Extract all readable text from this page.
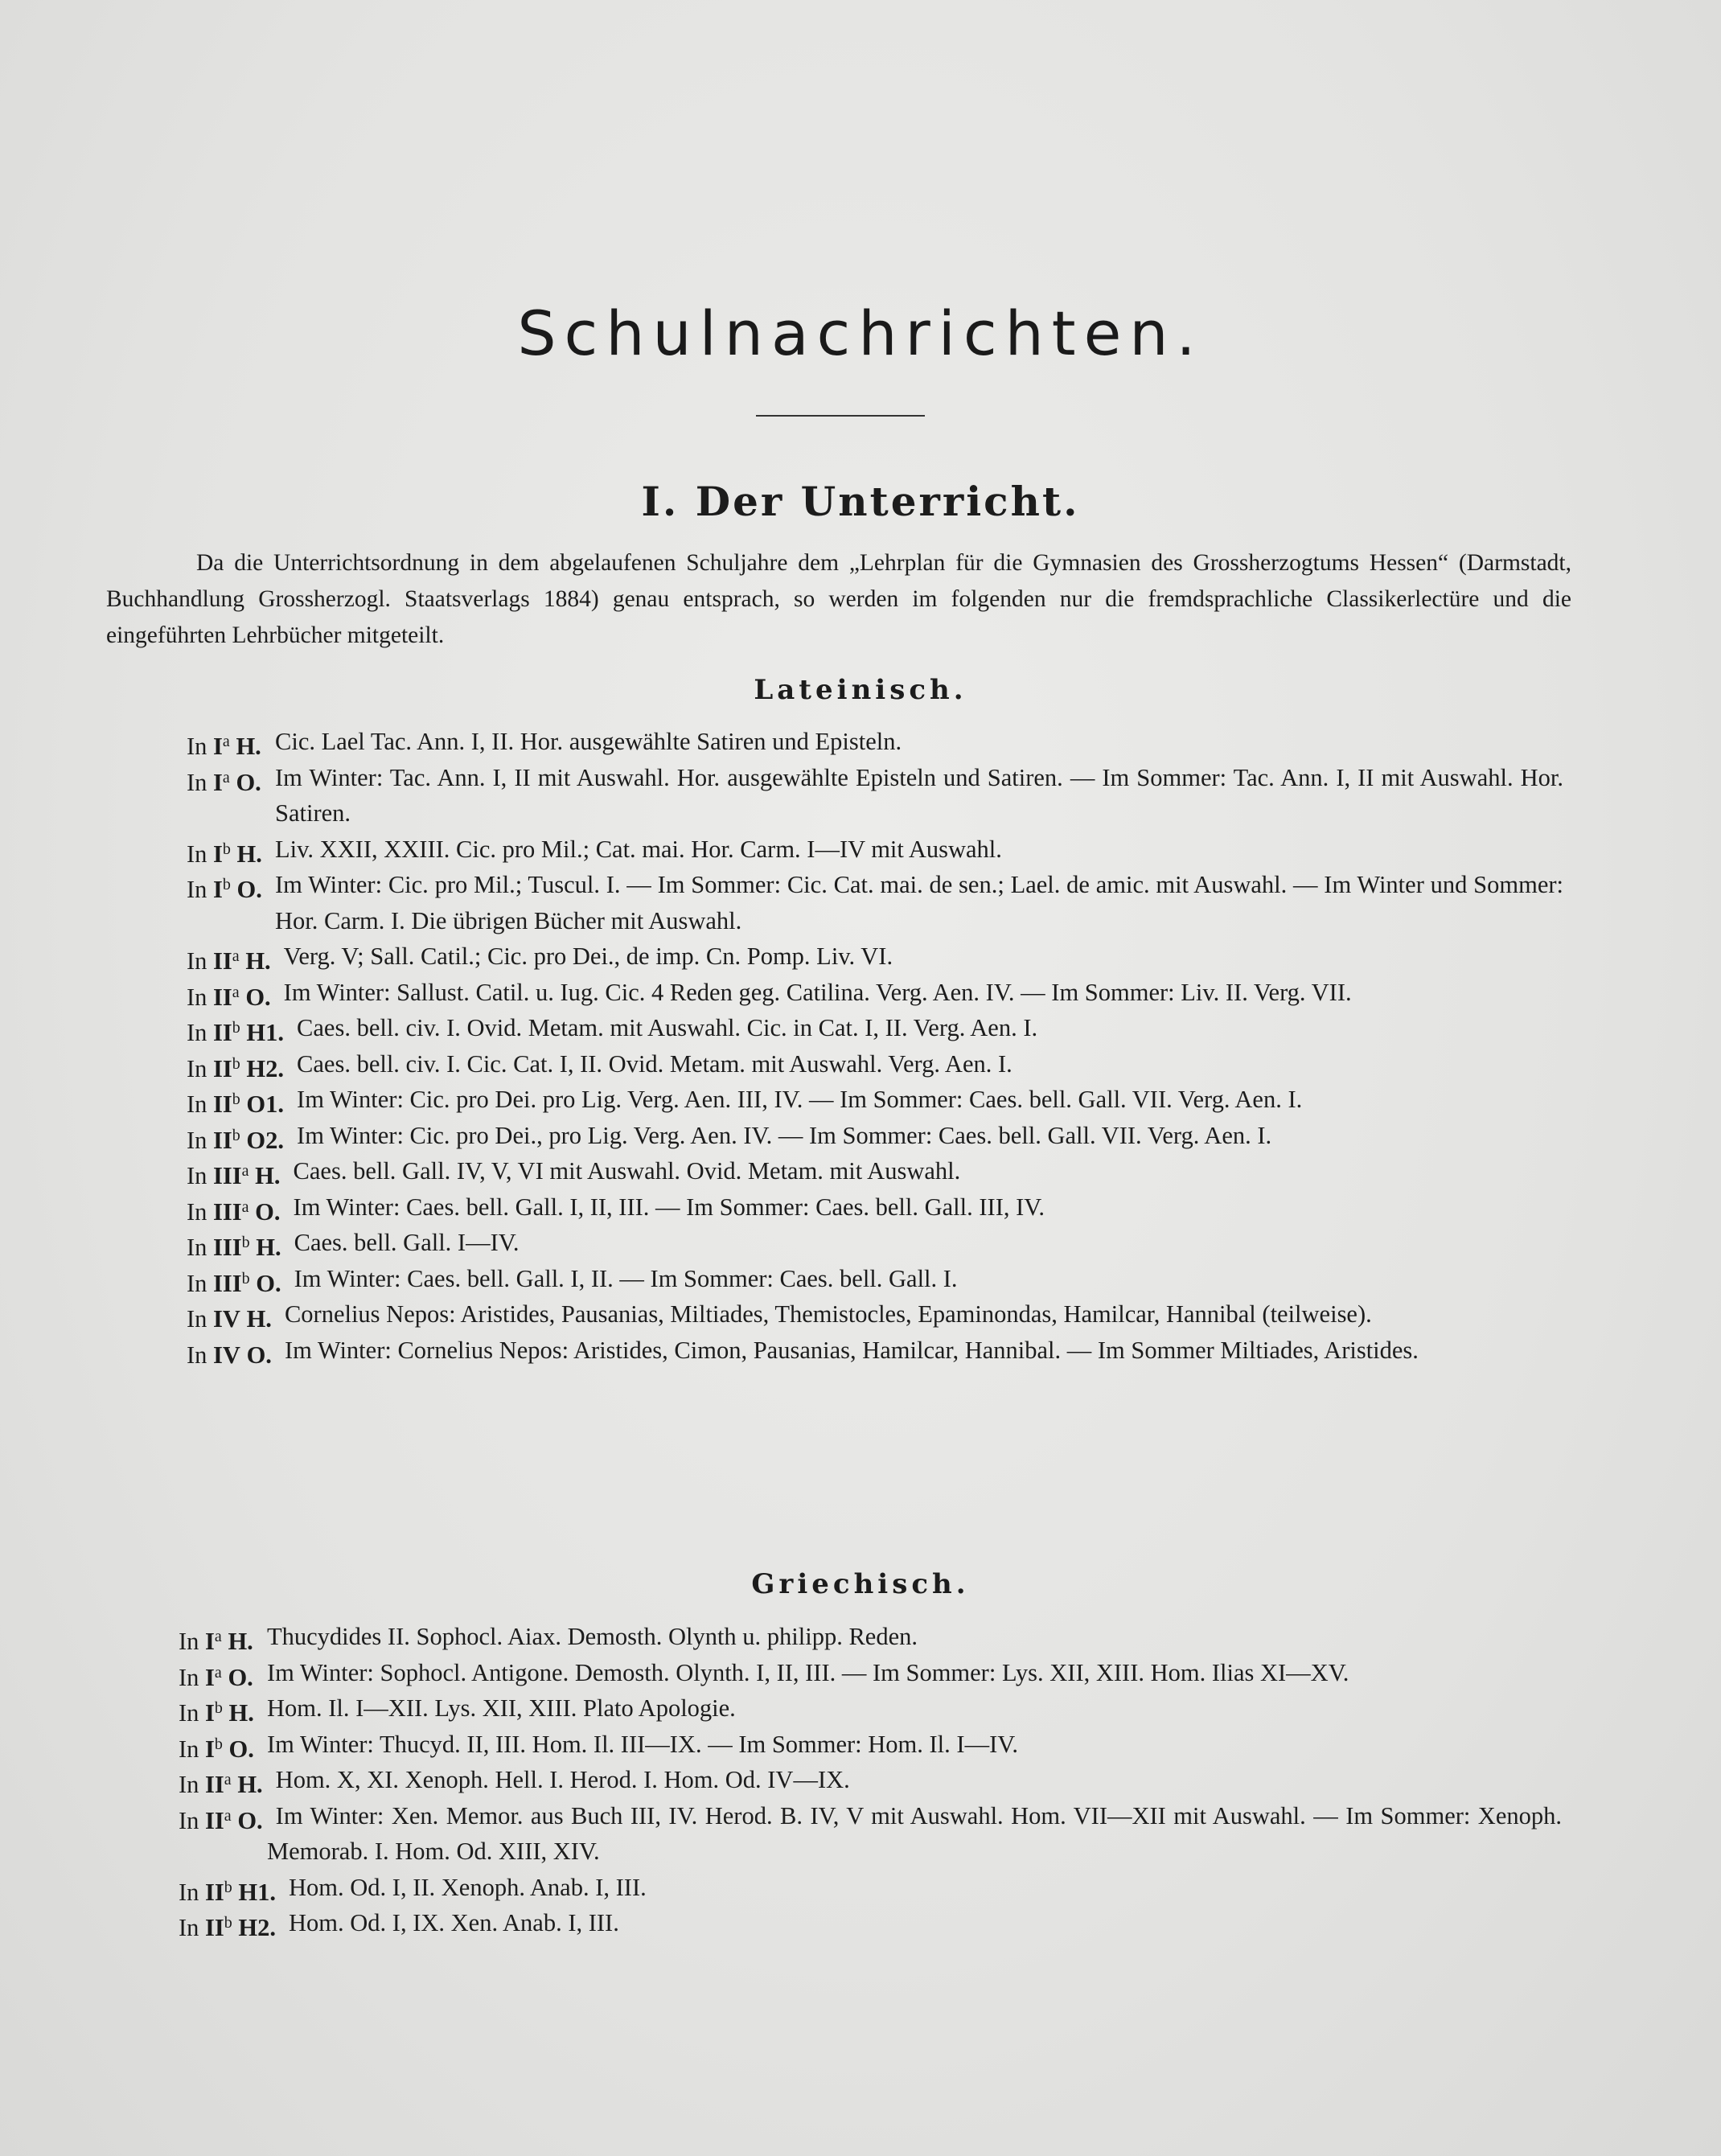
Schulnachrichten.
I. Der Unterricht.

Da die Unterrichtsordnung in dem abgelaufenen Schuljahre dem „Lehrplan für die Gymnasien des Grossherzogtums Hessen“ (Darmstadt, Buchhandlung Grossherzogl. Staatsverlags 1884) genau entsprach, so werden im folgenden nur die fremdsprachliche Classikerlectüre und die eingeführten Lehrbücher mitgeteilt.

Lateinisch.
In $I^a$ H. Cic. Lael Tac. Ann. I, II. Hor. ausgewählte Satiren und Episteln.
In $I^a$ O. Im Winter: Tac. Ann. I, II mit Auswahl. Hor. ausgewählte Episteln und Satiren. — Im Sommer: Tac. Ann. I, II mit Auswahl. Hor. Satiren.
In $I^b$ H. Liv. XXII, XXIII. Cic. pro Mil.; Cat. mai. Hor. Carm. I—IV mit Auswahl.
In $I^b$ O. Im Winter: Cic. pro Mil.; Tuscul. I. — Im Sommer: Cic. Cat. mai. de sen.; Lael. de amic. mit Auswahl. — Im Winter und Sommer: Hor. Carm. I. Die übrigen Bücher mit Auswahl.
In $II^a$ H. Verg. V; Sall. Catil.; Cic. pro Dei., de imp. Cn. Pomp. Liv. VI.
In $II^a$ O. Im Winter: Sallust. Catil. u. Iug. Cic. 4 Reden geg. Catilina. Verg. Aen. IV. — Im Sommer: Liv. II. Verg. VII.
In $II^b$ H1. Caes. bell. civ. I. Ovid. Metam. mit Auswahl. Cic. in Cat. I, II. Verg. Aen. I.
In $II^b$ H2. Caes. bell. civ. I. Cic. Cat. I, II. Ovid. Metam. mit Auswahl. Verg. Aen. I.
In $II^b$ O1. Im Winter: Cic. pro Dei. pro Lig. Verg. Aen. III, IV. — Im Sommer: Caes. bell. Gall. VII. Verg. Aen. I.
In $II^b$ O2. Im Winter: Cic. pro Dei., pro Lig. Verg. Aen. IV. — Im Sommer: Caes. bell. Gall. VII. Verg. Aen. I.
In III$^a$ H. Caes. bell. Gall. IV, V, VI mit Auswahl. Ovid. Metam. mit Auswahl.
In III$^a$ O. Im Winter: Caes. bell. Gall. I, II, III. — Im Sommer: Caes. bell. Gall. III, IV.
In III$^b$ H. Caes. bell. Gall. I—IV.
In III$^b$ O. Im Winter: Caes. bell. Gall. I, II. — Im Sommer: Caes. bell. Gall. I.
In IV H. Cornelius Nepos: Aristides, Pausanias, Miltiades, Themistocles, Epaminondas, Hamilcar, Hannibal (teilweise).
In IV O. Im Winter: Cornelius Nepos: Aristides, Cimon, Pausanias, Hamilcar, Hannibal. — Im Sommer Miltiades, Aristides.
Griechisch.
In $I^a$ H. Thucydides II. Sophocl. Aiax. Demosth. Olynth u. philipp. Reden.
In $I^a$ O. Im Winter: Sophocl. Antigone. Demosth. Olynth. I, II, III. — Im Sommer: Lys. XII, XIII. Hom. Ilias XI—XV.
In $I^b$ H. Hom. Il. I—XII. Lys. XII, XIII. Plato Apologie.
In $I^b$ O. Im Winter: Thucyd. II, III. Hom. Il. III—IX. — Im Sommer: Hom. Il. I—IV.
In $II^a$ H. Hom. X, XI. Xenoph. Hell. I. Herod. I. Hom. Od. IV—IX.
In $II^a$ O. Im Winter: Xen. Memor. aus Buch III, IV. Herod. B. IV, V mit Auswahl. Hom. VII—XII mit Auswahl. — Im Sommer: Xenoph. Memorab. I. Hom. Od. XIII, XIV.
In $II^b$ H1. Hom. Od. I, II. Xenoph. Anab. I, III.
In $II^b$ H2. Hom. Od. I, IX. Xen. Anab. I, III.
